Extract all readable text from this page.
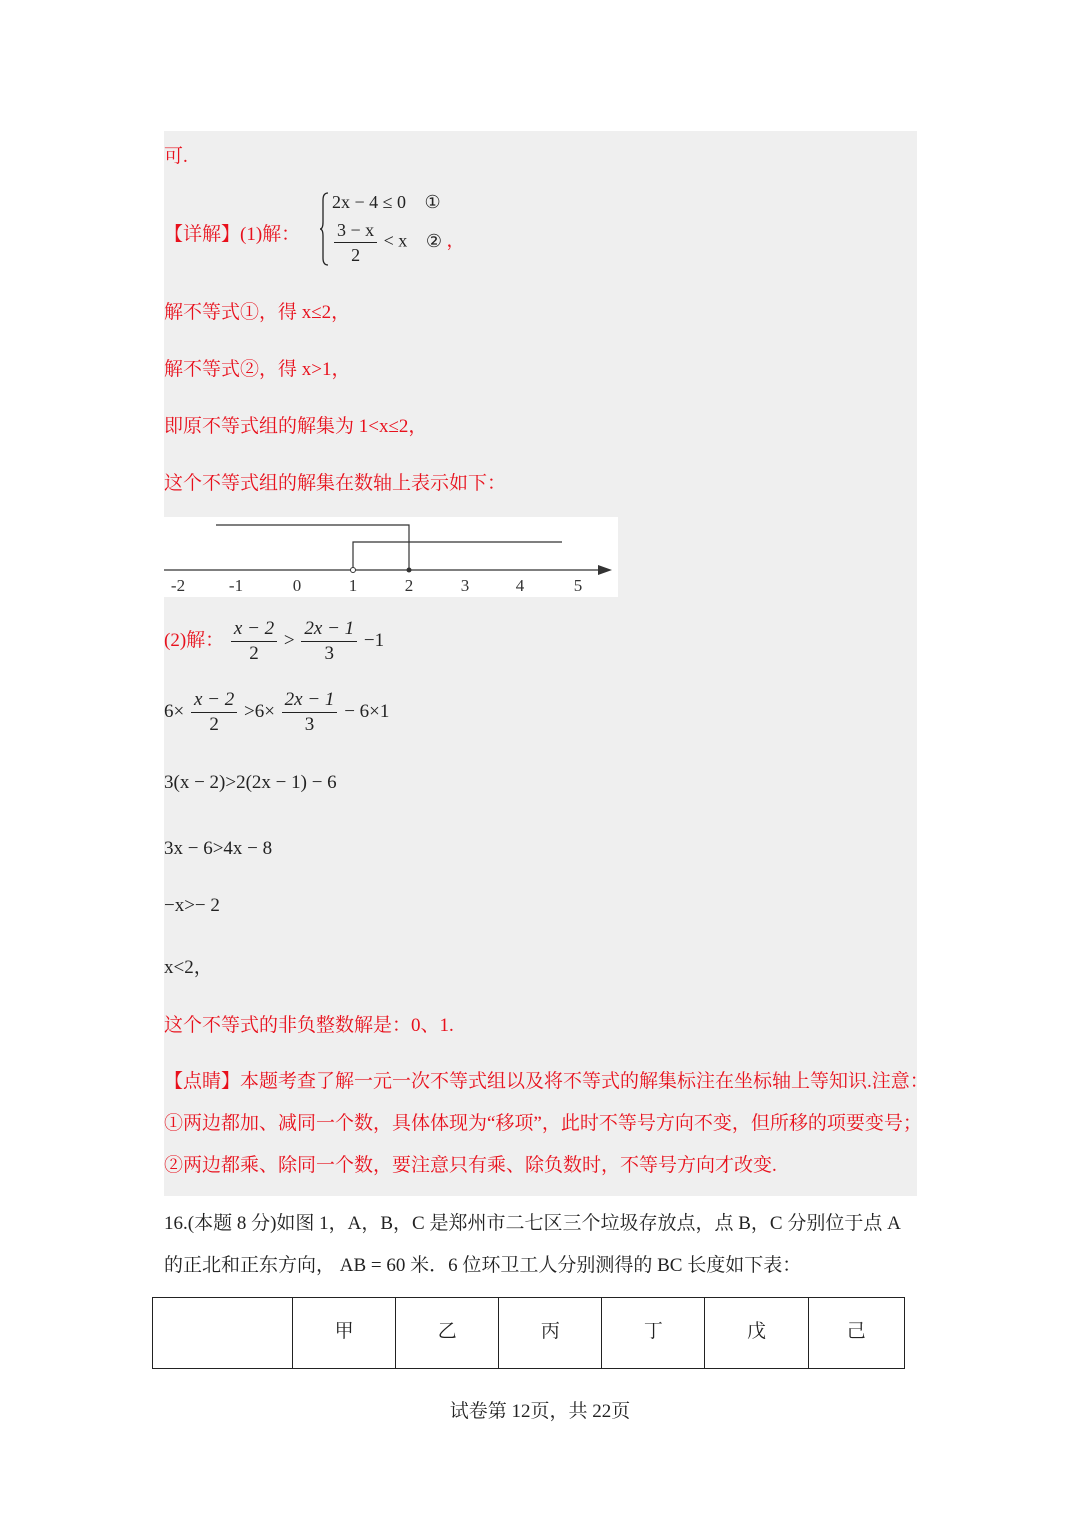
可.
【详解】(1)解：
2x − 4 ≤ 0 ①
$\frac{3 - x}{2} < x$ ② ，
解不等式①，得 x≤2，
解不等式②，得 x>1，
即原不等式组的解集为 1<x≤2，
这个不等式组的解集在数轴上表示如下：
-2	-1	0	1	2	3	4	5
(2)解： $\frac{x - 2}{2} > \frac{2x - 1}{3} -1$
$6\times \frac{x - 2}{2} >6\times \frac{2x - 1}{3} - 6\times 1$
3(x − 2)>2(2x − 1) − 6
3x − 6>4x − 8
−x>− 2
x<2，
这个不等式的非负整数解是：0、1.
【点睛】本题考查了解一元一次不等式组以及将不等式的解集标注在坐标轴上等知识.注意：
①两边都加、减同一个数，具体体现为“移项”，此时不等号方向不变，但所移的项要变号；
②两边都乘、除同一个数，要注意只有乘、除负数时，不等号方向才改变.
16.(本题 8 分)如图 1，A，B，C 是郑州市二七区三个垃圾存放点，点 B，C 分别位于点 A
的正北和正东方向， AB = 60 米．6 位环卫工人分别测得的 BC 长度如下表：
	甲	乙	丙	丁	戊	己
试卷第 12页，共 22页
